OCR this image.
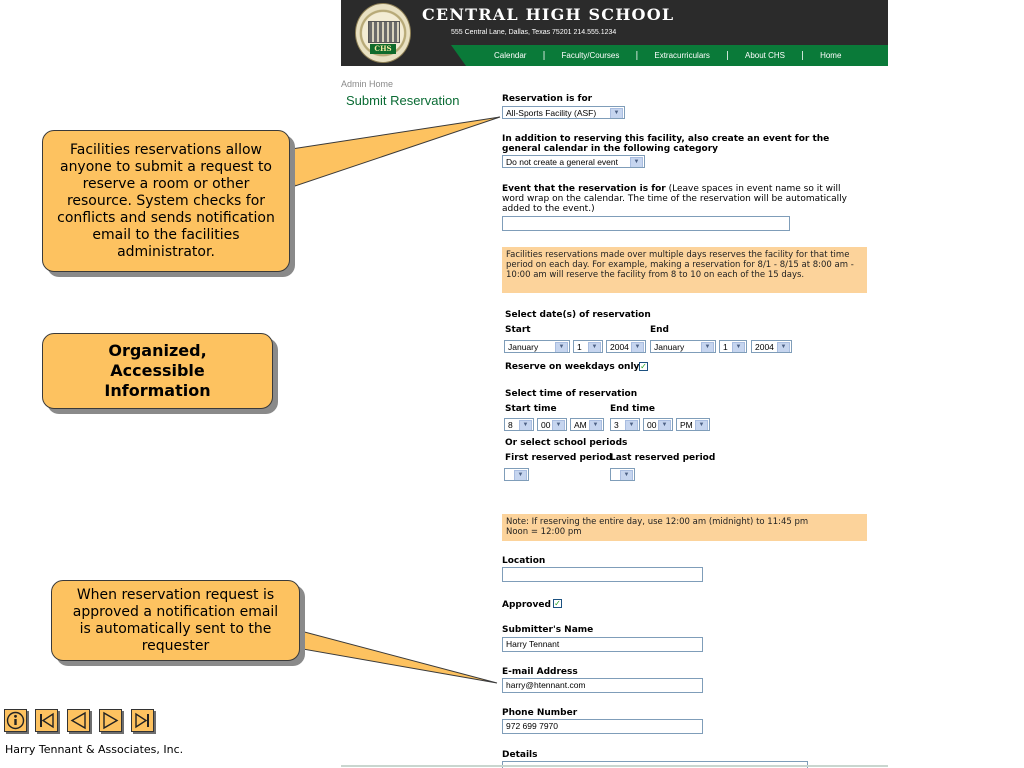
CHS
CENTRAL HIGH SCHOOL
555 Central Lane, Dallas, Texas 75201 214.555.1234
Calendar | Faculty/Courses | Extracurriculars | About CHS | Home
Admin Home
Submit Reservation	Reservation is for
All-Sports Facility (ASF)	▼
In addition to reserving this facility, also create an event for the general calendar in the following category
Do not create a general event	▼
Event that the reservation is for (Leave spaces in event name so it will word wrap on the calendar. The time of the reservation will be automatically added to the event.)
Facilities reservations made over multiple days reserves the facility for that time period on each day. For example, making a reservation for 8/1 - 8/15 at 8:00 am - 10:00 am will reserve the facility from 8 to 10 on each of the 15 days.
Select date(s) of reservation
Start	End
January	▼	1	▼	2004 ▼	January	▼	1	▼	2004	▼
Reserve on weekdays only ✓
Select time of reservation
Start time	End time
8	▼	00 ▼	AM ▼	3	▼	00 ▼	PM ▼
Or select school periods
First reserved period
Last reserved period
▼	▼
Note: If reserving the entire day, use 12:00 am (midnight) to 11:45 pm
Noon = 12:00 pm
Location
Approved ✓
Submitter's Name
Harry Tennant
E-mail Address
harry@htennant.com
Phone Number
972 699 7970
Details
Facilities reservations allow anyone to submit a request to reserve a room or other resource. System checks for conflicts and sends notification email to the facilities administrator.
Organized, Accessible Information
When reservation request is approved a notification email is automatically sent to the requester
Harry Tennant & Associates, Inc.
